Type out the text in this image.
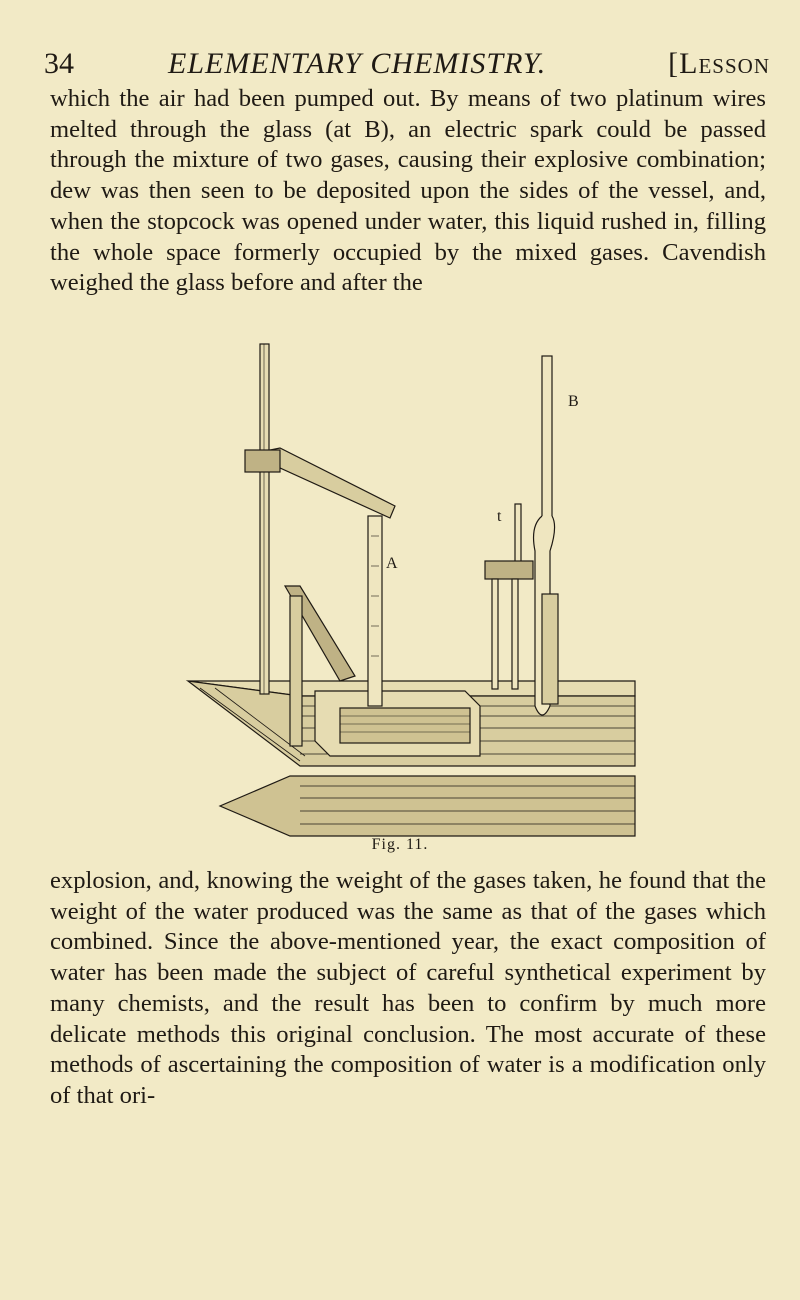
34	ELEMENTARY CHEMISTRY.	[Lesson

which the air had been pumped out. By means of two platinum wires melted through the glass (at B), an electric spark could be passed through the mixture of two gases, causing their explosive combination; dew was then seen to be deposited upon the sides of the vessel, and, when the stopcock was opened under water, this liquid rushed in, filling the whole space formerly occupied by the mixed gases. Cavendish weighed the glass before and after the

B
A
t
Fig. 11.

explosion, and, knowing the weight of the gases taken, he found that the weight of the water produced was the same as that of the gases which combined. Since the above-mentioned year, the exact composition of water has been made the subject of careful synthetical experiment by many chemists, and the result has been to confirm by much more delicate methods this original conclusion. The most accurate of these methods of ascertaining the composition of water is a modification only of that ori-
